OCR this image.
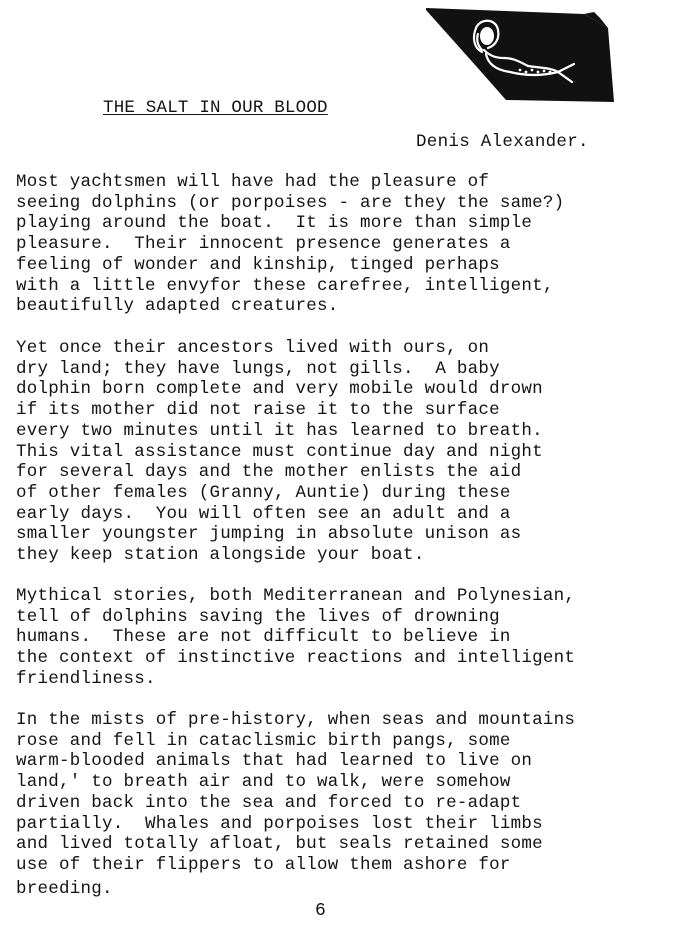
THE SALT IN OUR BLOOD
Denis Alexander.
Most yachtsmen will have had the pleasure of
seeing dolphins (or porpoises - are they the same?)
playing around the boat.  It is more than simple
pleasure.  Their innocent presence generates a
feeling of wonder and kinship, tinged perhaps
with a little envyfor these carefree, intelligent,
beautifully adapted creatures.
Yet once their ancestors lived with ours, on
dry land; they have lungs, not gills.  A baby
dolphin born complete and very mobile would drown
if its mother did not raise it to the surface
every two minutes until it has learned to breath.
This vital assistance must continue day and night
for several days and the mother enlists the aid
of other females (Granny, Auntie) during these
early days.  You will often see an adult and a
smaller youngster jumping in absolute unison as
they keep station alongside your boat.
Mythical stories, both Mediterranean and Polynesian,
tell of dolphins saving the lives of drowning
humans.  These are not difficult to believe in
the context of instinctive reactions and intelligent
friendliness.
In the mists of pre-history, when seas and mountains
rose and fell in cataclismic birth pangs, some
warm-blooded animals that had learned to live on
land,' to breath air and to walk, were somehow
driven back into the sea and forced to re-adapt
partially.  Whales and porpoises lost their limbs
and lived totally afloat, but seals retained some
use of their flippers to allow them ashore for
breeding.
6
